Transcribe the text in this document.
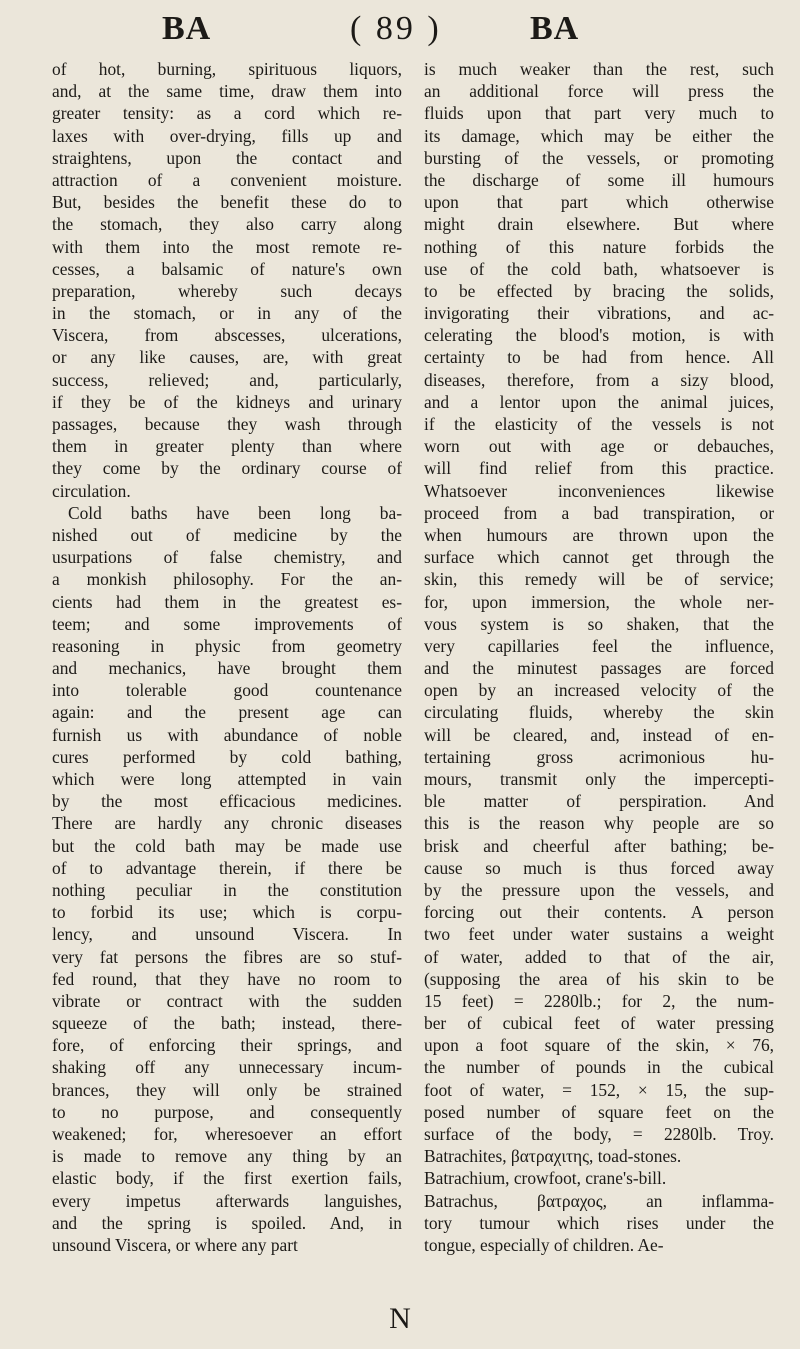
BA	( 89 )	BA
of hot, burning, spirituous liquors,
and, at the same time, draw them into
greater tensity: as a cord which re-
laxes with over-drying, fills up and
straightens, upon the contact and
attraction of a convenient moisture.
But, besides the benefit these do to
the stomach, they also carry along
with them into the most remote re-
cesses, a balsamic of nature's own
preparation, whereby such decays
in the stomach, or in any of the
Viscera, from abscesses, ulcerations,
or any like causes, are, with great
success, relieved; and, particularly,
if they be of the kidneys and urinary
passages, because they wash through
them in greater plenty than where
they come by the ordinary course of
circulation.
Cold baths have been long ba-
nished out of medicine by the
usurpations of false chemistry, and
a monkish philosophy. For the an-
cients had them in the greatest es-
teem; and some improvements of
reasoning in physic from geometry
and mechanics, have brought them
into tolerable good countenance
again: and the present age can
furnish us with abundance of noble
cures performed by cold bathing,
which were long attempted in vain
by the most efficacious medicines.
There are hardly any chronic diseases
but the cold bath may be made use
of to advantage therein, if there be
nothing peculiar in the constitution
to forbid its use; which is corpu-
lency, and unsound Viscera. In
very fat persons the fibres are so stuf-
fed round, that they have no room to
vibrate or contract with the sudden
squeeze of the bath; instead, there-
fore, of enforcing their springs, and
shaking off any unnecessary incum-
brances, they will only be strained
to no purpose, and consequently
weakened; for, wheresoever an effort
is made to remove any thing by an
elastic body, if the first exertion fails,
every impetus afterwards languishes,
and the spring is spoiled. And, in
unsound Viscera, or where any part
is much weaker than the rest, such
an additional force will press the
fluids upon that part very much to
its damage, which may be either the
bursting of the vessels, or promoting
the discharge of some ill humours
upon that part which otherwise
might drain elsewhere. But where
nothing of this nature forbids the
use of the cold bath, whatsoever is
to be effected by bracing the solids,
invigorating their vibrations, and ac-
celerating the blood's motion, is with
certainty to be had from hence. All
diseases, therefore, from a sizy blood,
and a lentor upon the animal juices,
if the elasticity of the vessels is not
worn out with age or debauches,
will find relief from this practice.
Whatsoever inconveniences likewise
proceed from a bad transpiration, or
when humours are thrown upon the
surface which cannot get through the
skin, this remedy will be of service;
for, upon immersion, the whole ner-
vous system is so shaken, that the
very capillaries feel the influence,
and the minutest passages are forced
open by an increased velocity of the
circulating fluids, whereby the skin
will be cleared, and, instead of en-
tertaining gross acrimonious hu-
mours, transmit only the impercepti-
ble matter of perspiration. And
this is the reason why people are so
brisk and cheerful after bathing; be-
cause so much is thus forced away
by the pressure upon the vessels, and
forcing out their contents. A person
two feet under water sustains a weight
of water, added to that of the air,
(supposing the area of his skin to be
15 feet) = 2280lb.; for 2, the num-
ber of cubical feet of water pressing
upon a foot square of the skin, × 76,
the number of pounds in the cubical
foot of water, = 152, × 15, the sup-
posed number of square feet on the
surface of the body, = 2280lb. Troy.
Batrachites, βατραχιτης, toad-stones.
Batrachium, crowfoot, crane's-bill.
Batrachus, βατραχος, an inflamma-
tory tumour which rises under the
tongue, especially of children. Ae-
N
